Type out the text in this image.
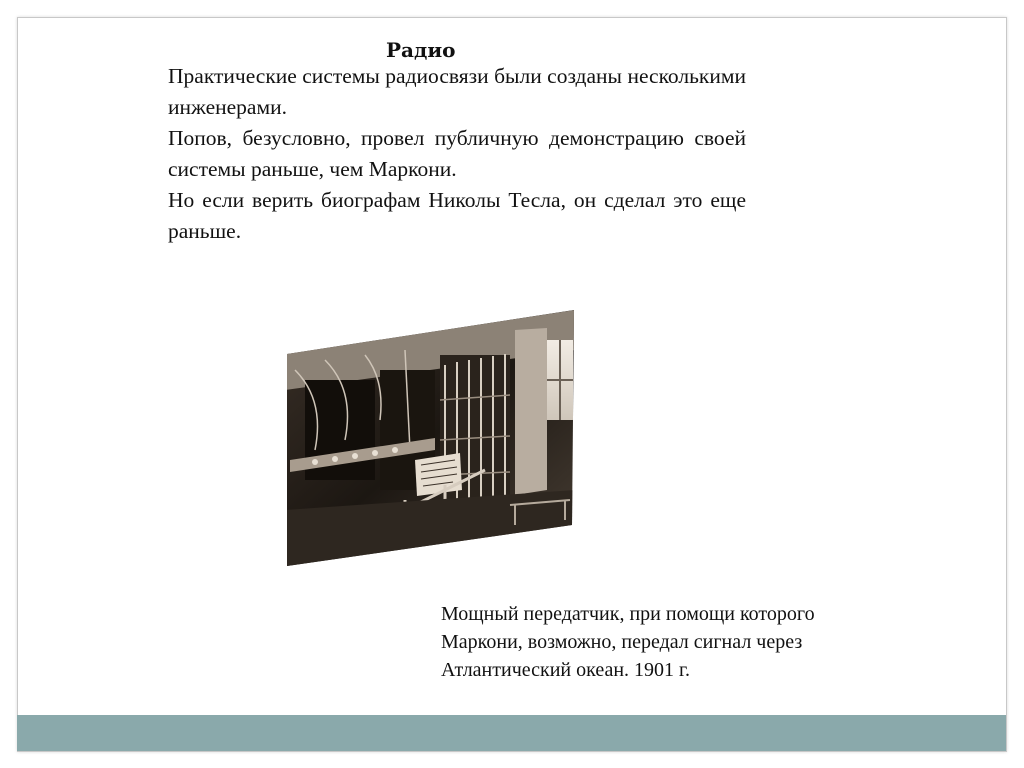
Радио

Практические системы радиосвязи были созданы несколькими инженерами.

Попов, безусловно, провел публичную демонстрацию своей системы раньше, чем Маркони.

Но если верить биографам Николы Тесла, он сделал это еще раньше.

Мощный передатчик, при помощи которого

Маркони, возможно, передал сигнал через

Атлантический океан. 1901 г.
